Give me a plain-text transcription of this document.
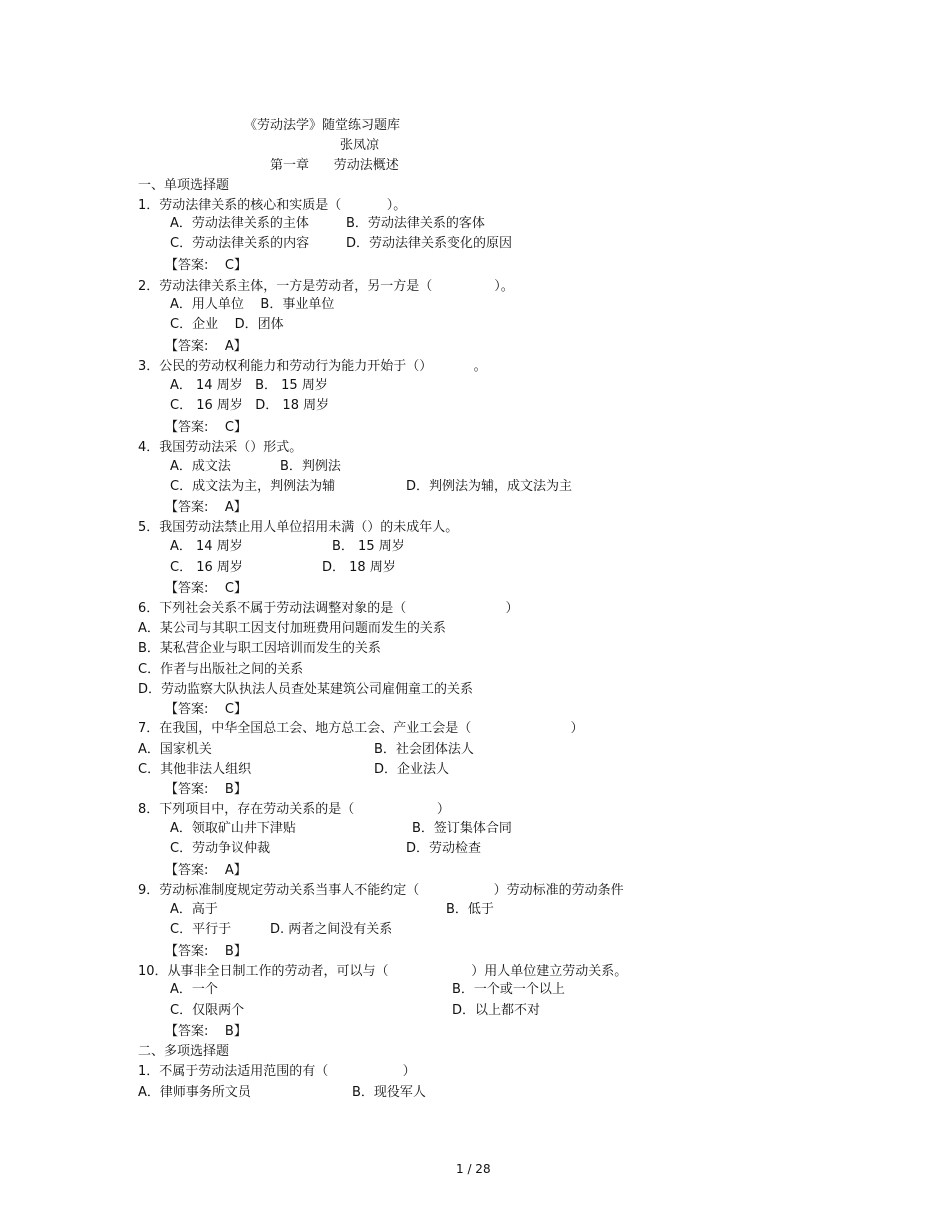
《劳动法学》随堂练习题库
张凤凉
第一章      劳动法概述
一、单项选择题
1．劳动法律关系的核心和实质是（           ）。
A．劳动法律关系的主体	B．劳动法律关系的客体
C．劳动法律关系的内容	D．劳动法律关系变化的原因
【答案:    C】
2．劳动法律关系主体，一方是劳动者，另一方是（               ）。
A．用人单位    B．事业单位
C．企业    D．团体
【答案:    A】
3．公民的劳动权利能力和劳动行为能力开始于（）          。
A． 14 周岁   B． 15 周岁
C． 16 周岁   D． 18 周岁
【答案:    C】
4．我国劳动法采（）形式。
A．成文法	B．判例法
C．成文法为主，判例法为辅	D．判例法为辅，成文法为主
【答案:    A】
5．我国劳动法禁止用人单位招用未满（）的未成年人。
A． 14 周岁	B． 15 周岁
C． 16 周岁	D． 18 周岁
【答案:    C】
6．下列社会关系不属于劳动法调整对象的是（                        ）
A．某公司与其职工因支付加班费用问题而发生的关系
B．某私营企业与职工因培训而发生的关系
C．作者与出版社之间的关系
D．劳动监察大队执法人员查处某建筑公司雇佣童工的关系
【答案:    C】
7．在我国，中华全国总工会、地方总工会、产业工会是（                        ）
A．国家机关	B．社会团体法人
C．其他非法人组织	D．企业法人
【答案:    B】
8．下列项目中，存在劳动关系的是（                    ）
A．领取矿山井下津贴	B．签订集体合同
C．劳动争议仲裁	D．劳动检查
【答案:    A】
9．劳动标准制度规定劳动关系当事人不能约定（                  ）劳动标准的劳动条件
A．高于	B．低于
C．平行于	D. 两者之间没有关系
【答案:    B】
10．从事非全日制工作的劳动者，可以与（                    ）用人单位建立劳动关系。
A．一个	B．一个或一个以上
C．仅限两个	D．以上都不对
【答案:    B】
二、多项选择题
1．不属于劳动法适用范围的有（                  ）
A．律师事务所文员	B．现役军人
1 / 28
